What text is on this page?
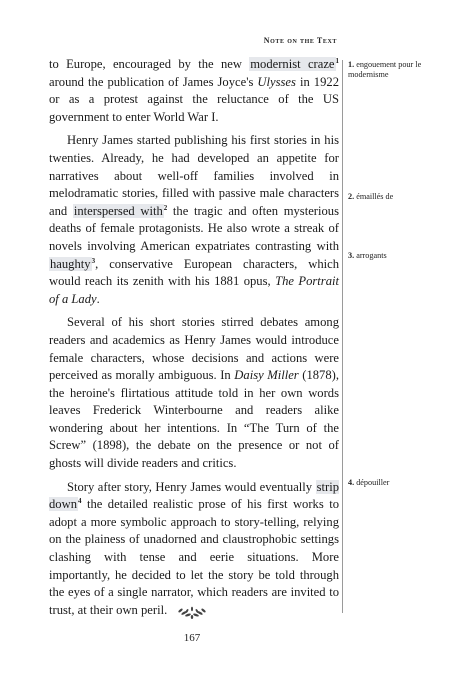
Note on the Text

to Europe, encouraged by the new modernist craze$^1$ around the publication of James Joyce's Ulysses in 1922 or as a protest against the reluctance of the US government to enter World War I.

Henry James started publishing his first stories in his twenties. Already, he had developed an appetite for narratives about well-off families involved in melodramatic stories, filled with passive male characters and interspersed with$^2$ the tragic and often mysterious deaths of female protagonists. He also wrote a streak of novels involving American expatriates contrasting with haughty$^3$, conservative European characters, which would reach its zenith with his 1881 opus, The Portrait of a Lady.

Several of his short stories stirred debates among readers and academics as Henry James would introduce female characters, whose decisions and actions were perceived as morally ambiguous. In Daisy Miller (1878), the heroine's flirtatious attitude told in her own words leaves Frederick Winterbourne and readers alike wondering about her intentions. In “The Turn of the Screw” (1898), the debate on the presence or not of ghosts will divide readers and critics.

Story after story, Henry James would eventually strip down$^4$ the detailed realistic prose of his first works to adopt a more symbolic approach to story-telling, relying on the plainess of unadorned and claustrophobic settings clashing with tense and eerie situations. More importantly, he decided to let the story be told through the eyes of a single narrator, which readers are invited to trust, at their own peril.

1. engouement pour le modernisme
2. émaillés de
3. arrogants
4. dépouiller
167
